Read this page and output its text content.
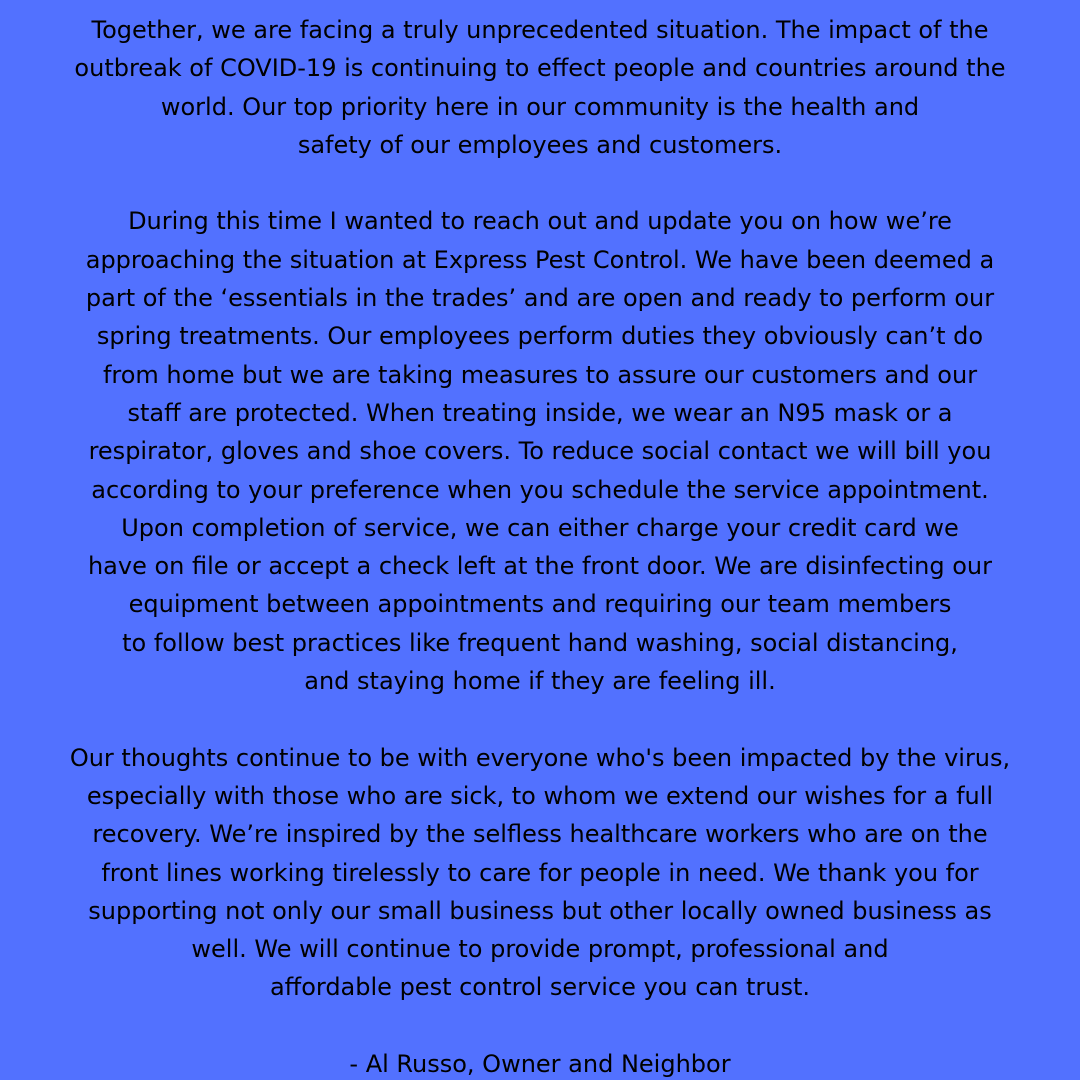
Together, we are facing a truly unprecedented situation. The impact of the
outbreak of COVID-19 is continuing to effect people and countries around the
world. Our top priority here in our community is the health and
safety of our employees and customers.
During this time I wanted to reach out and update you on how we’re
approaching the situation at Express Pest Control. We have been deemed a
part of the ‘essentials in the trades’ and are open and ready to perform our
spring treatments. Our employees perform duties they obviously can’t do
from home but we are taking measures to assure our customers and our
staff are protected. When treating inside, we wear an N95 mask or a
respirator, gloves and shoe covers. To reduce social contact we will bill you
according to your preference when you schedule the service appointment.
Upon completion of service, we can either charge your credit card we
have on file or accept a check left at the front door. We are disinfecting our
equipment between appointments and requiring our team members
to follow best practices like frequent hand washing, social distancing,
and staying home if they are feeling ill.
Our thoughts continue to be with everyone who's been impacted by the virus,
especially with those who are sick, to whom we extend our wishes for a full
recovery. We’re inspired by the selfless healthcare workers who are on the
front lines working tirelessly to care for people in need. We thank you for
supporting not only our small business but other locally owned business as
well. We will continue to provide prompt, professional and
affordable pest control service you can trust.
- Al Russo, Owner and Neighbor
